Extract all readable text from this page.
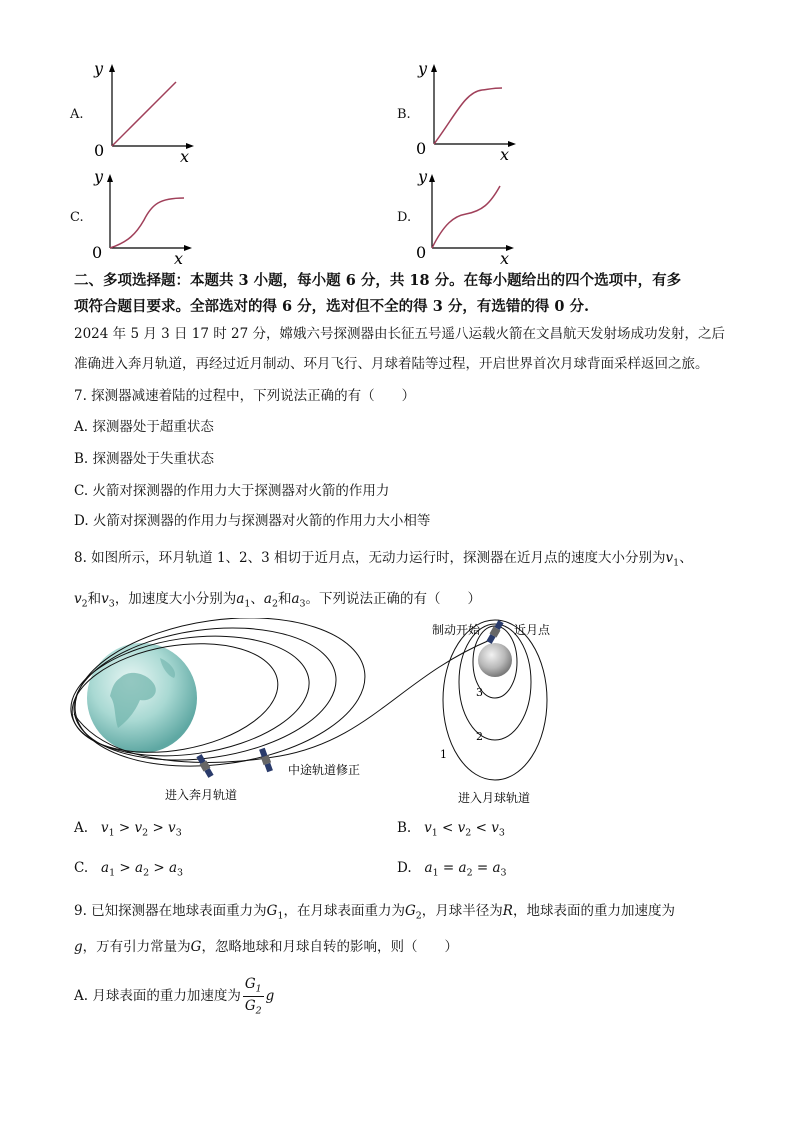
A.
y
x
0
B.
y
x
0
C.
y
x
0
D.
y
x
0
二、多项选择题：本题共 3 小题，每小题 6 分，共 18 分。在每小题给出的四个选项中，有多
项符合题目要求。全部选对的得 6 分，选对但不全的得 3 分，有选错的得 0 分.
2024 年 5 月 3 日 17 时 27 分，嫦娥六号探测器由长征五号遥八运载火箭在文昌航天发射场成功发射，之后
准确进入奔月轨道，再经过近月制动、环月飞行、月球着陆等过程，开启世界首次月球背面采样返回之旅。
7. 探测器减速着陆的过程中，下列说法正确的有（　　）
A. 探测器处于超重状态
B. 探测器处于失重状态
C. 火箭对探测器的作用力大于探测器对火箭的作用力
D. 火箭对探测器的作用力与探测器对火箭的作用力大小相等
8. 如图所示，环月轨道 1、2、3 相切于近月点，无动力运行时，探测器在近月点的速度大小分别为$v_1$、
$v_2$和$v_3$，加速度大小分别为$a_1$、$a_2$和$a_3$。下列说法正确的有（　　）
制动开始	近月点
3
2
1
中途轨道修正
进入奔月轨道	进入月球轨道
A. $v_1 > v_2 > v_3$	B. $v_1 < v_2 < v_3$
C. $a_1 > a_2 > a_3$	D. $a_1 = a_2 = a_3$
9. 已知探测器在地球表面重力为$G_1$，在月球表面重力为$G_2$，月球半径为R，地球表面的重力加速度为
g，万有引力常量为G，忽略地球和月球自转的影响，则（　　）
A. 月球表面的重力加速度为 $\frac{G_1}{G_2}$ g
